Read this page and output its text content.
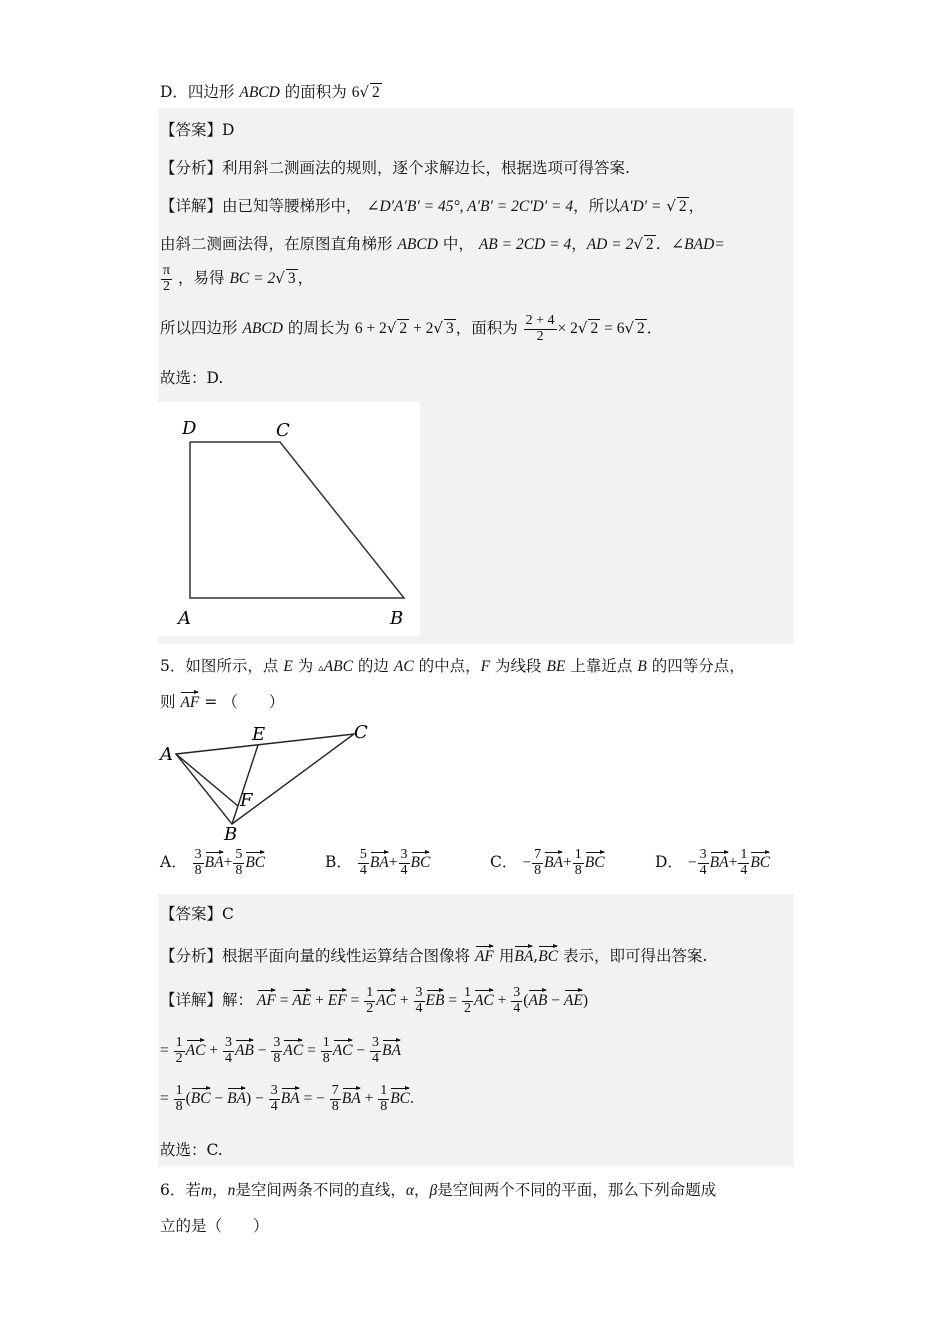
D．四边形 ABCD 的面积为 6√ 2
【答案】D
【分析】利用斜二测画法的规则，逐个求解边长，根据选项可得答案.
【详解】由已知等腰梯形中， ∠D′A′B′ = 45°, A′B′ = 2C′D′ = 4，所以A′D′ = √ 2 ，
由斜二测画法得，在原图直角梯形 ABCD 中， AB = 2CD = 4，AD = 2√ 2 ．∠BAD=
$\frac{\pi}{2}$ ，易得 BC = 2√ 3 ，
所以四边形 ABCD 的周长为 6 + 2√ 2 + 2√ 3 ，面积为 $\frac{2 + 4}{2} \times 2√$ 2 = 6√ 2 ．
故选：D.
D	C
A	B
5．如图所示，点 E 为 ▵ABC 的边 AC 的中点，F 为线段 BE 上靠近点 B 的四等分点，
则 AF = （　　）
A
E	C
F
B
A． $\frac{3}{8} BA+ \frac{5}{8}$ BC	B． $\frac{5}{4} BA+ \frac{3}{4}$ BC	C． − $\frac{7}{8} BA+ \frac{1}{8}$ BC	D． − $\frac{3}{4} BA+ \frac{1}{4}$ BC
【答案】C
【分析】根据平面向量的线性运算结合图像将 AF 用BA,BC 表示，即可得出答案.
【详解】解： AF = AE + EF = $\frac{1}{2}$ AC + $\frac{3}{4}$ EB = $\frac{1}{2}$ AC + $\frac{3}{4} (AB - AE)$
= $\frac{1}{2}$ AC + $\frac{3}{4}$ AB − $\frac{3}{8}$ AC = $\frac{1}{8}$ AC − $\frac{3}{4}$ BA
= $\frac{1}{8} (BC - BA) - \frac{3}{4}$ BA = − $\frac{7}{8}$ BA + $\frac{1}{8}$ BC.
故选：C.
6．若m，n是空间两条不同的直线，α，β是空间两个不同的平面，那么下列命题成
立的是（　　）
